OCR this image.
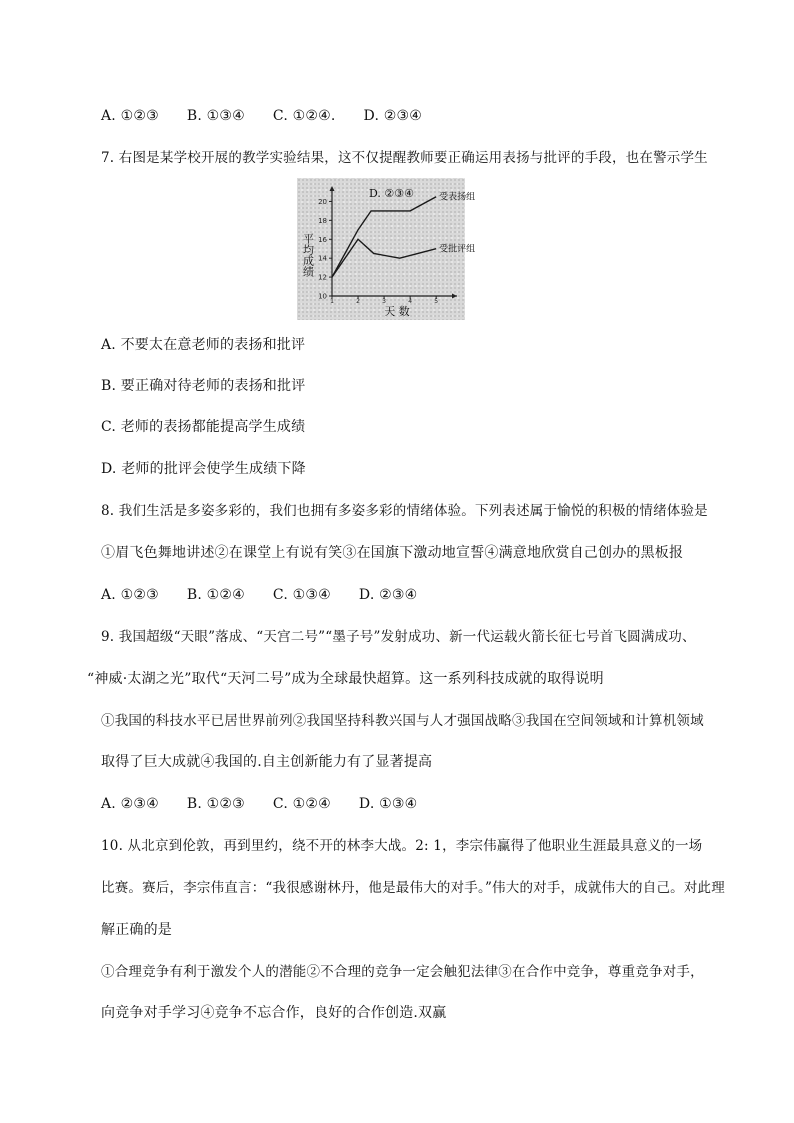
A. ①②③ B. ①③④ C. ①②④. D. ②③④
7. 右图是某学校开展的教学实验结果，这不仅提醒教师要正确运用表扬与批评的手段，也在警示学生
10
12
14
16
18
20
1	2	3	4	5
受表扬组
受批评组
平均成绩
天 数
D. ②③④
A. 不要太在意老师的表扬和批评
B. 要正确对待老师的表扬和批评
C. 老师的表扬都能提高学生成绩
D. 老师的批评会使学生成绩下降
8. 我们生活是多姿多彩的，我们也拥有多姿多彩的情绪体验。下列表述属于愉悦的积极的情绪体验是
①眉飞色舞地讲述②在课堂上有说有笑③在国旗下激动地宣誓④满意地欣赏自己创办的黑板报
A. ①②③ B. ①②④ C. ①③④ D. ②③④
9. 我国超级“天眼”落成、“天宫二号”“墨子号”发射成功、新一代运载火箭长征七号首飞圆满成功、
“神威·太湖之光”取代“天河二号”成为全球最快超算。这一系列科技成就的取得说明
①我国的科技水平已居世界前列②我国坚持科教兴国与人才强国战略③我国在空间领域和计算机领域
取得了巨大成就④我国的.自主创新能力有了显著提高
A. ②③④ B. ①②③ C. ①②④ D. ①③④
10. 从北京到伦敦，再到里约，绕不开的林李大战。2: 1，李宗伟赢得了他职业生涯最具意义的一场
比赛。赛后，李宗伟直言：“我很感谢林丹，他是最伟大的对手。”伟大的对手，成就伟大的自己。对此理
解正确的是
①合理竞争有利于激发个人的潜能②不合理的竞争一定会触犯法律③在合作中竞争，尊重竞争对手，
向竞争对手学习④竞争不忘合作，良好的合作创造.双赢
